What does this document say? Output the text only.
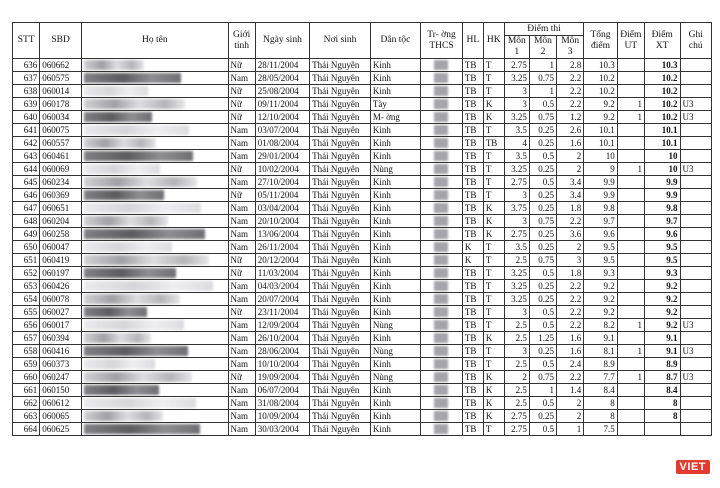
STT	SBD	Họ tên	Giới tính	Ngày sinh	Nơi sinh	Dân tộc	Tr- ờng THCS	HL	HK	Điểm thi			Tổng điểm	Điểm UT	Điểm XT	Ghi chú
										Môn 1	Môn 2	Môn 3				
636	060662		Nữ	28/11/2004	Thái Nguyên	Kinh		TB	T	2.75	1	2.8	10.3		10.3	
637	060575		Nam	28/05/2004	Thái Nguyên	Kinh		TB	T	3.25	0.75	2.2	10.2		10.2	
638	060014		Nữ	25/08/2004	Thái Nguyên	Kinh		TB	T	3	1	2.2	10.2		10.2	
639	060178		Nữ	09/11/2004	Thái Nguyên	Tày		TB	K	3	0.5	2.2	9.2	1	10.2	U3
640	060034		Nữ	12/10/2004	Thái Nguyên	M- ờng		TB	K	3.25	0.75	1.2	9.2	1	10.2	U3
641	060075		Nam	03/07/2004	Thái Nguyên	Kinh		TB	T	3.5	0.25	2.6	10.1		10.1	
642	060557		Nam	01/08/2004	Thái Nguyên	Kinh		TB	TB	4	0.25	1.6	10.1		10.1	
643	060461		Nam	29/01/2004	Thái Nguyên	Kinh		TB	T	3.5	0.5	2	10		10	
644	060069		Nữ	10/02/2004	Thái Nguyên	Nùng		TB	T	3.25	0.25	2	9	1	10	U3
645	060234		Nam	27/10/2004	Thái Nguyên	Kinh		TB	T	2.75	0.5	3.4	9.9		9.9	
646	060369		Nữ	05/11/2004	Thái Nguyên	Kinh		TB	T	3	0.25	3.4	9.9		9.9	
647	060651		Nam	03/04/2004	Thái Nguyên	Kinh		TB	K	3.75	0.25	1.8	9.8		9.8	
648	060204		Nam	20/10/2004	Thái Nguyên	Kinh		TB	K	3	0.75	2.2	9.7		9.7	
649	060258		Nam	13/06/2004	Thái Nguyên	Kinh		TB	K	2.75	0.25	3.6	9.6		9.6	
650	060047		Nam	26/11/2004	Thái Nguyên	Kinh		K	T	3.5	0.25	2	9.5		9.5	
651	060419		Nữ	20/12/2004	Thái Nguyên	Kinh		K	T	2.5	0.75	3	9.5		9.5	
652	060197		Nữ	11/03/2004	Thái Nguyên	Kinh		TB	T	3.25	0.5	1.8	9.3		9.3	
653	060426		Nam	04/03/2004	Thái Nguyên	Kinh		TB	T	3.25	0.25	2.2	9.2		9.2	
654	060078		Nam	20/07/2004	Thái Nguyên	Kinh		TB	T	3.25	0.25	2.2	9.2		9.2	
655	060027		Nữ	23/11/2004	Thái Nguyên	Kinh		TB	T	3	0.5	2.2	9.2		9.2	
656	060017		Nam	12/09/2004	Thái Nguyên	Nùng		TB	T	2.5	0.5	2.2	8.2	1	9.2	U3
657	060394		Nam	26/10/2004	Thái Nguyên	Kinh		TB	K	2.5	1.25	1.6	9.1		9.1	
658	060416		Nam	28/06/2004	Thái Nguyên	Nùng		TB	T	3	0.25	1.6	8.1	1	9.1	U3
659	060373		Nam	10/10/2004	Thái Nguyên	Kinh		TB	T	2.5	0.5	2.4	8.9		8.9	
660	060247		Nữ	19/09/2004	Thái Nguyên	Nùng		TB	K	2	0.75	2.2	7.7	1	8.7	U3
661	060150		Nam	06/07/2004	Thái Nguyên	Kinh		TB	K	2.5	1	1.4	8.4		8.4	
662	060612		Nam	31/08/2004	Thái Nguyên	Kinh		TB	K	2.5	0.5	2	8		8	
663	060065		Nam	10/09/2004	Thái Nguyên	Kinh		TB	K	2.75	0.25	2	8		8	
664	060625		Nam	30/03/2004	Thái Nguyên	Kinh		TB	T	2.75	0.5	1	7.5			
VIET
